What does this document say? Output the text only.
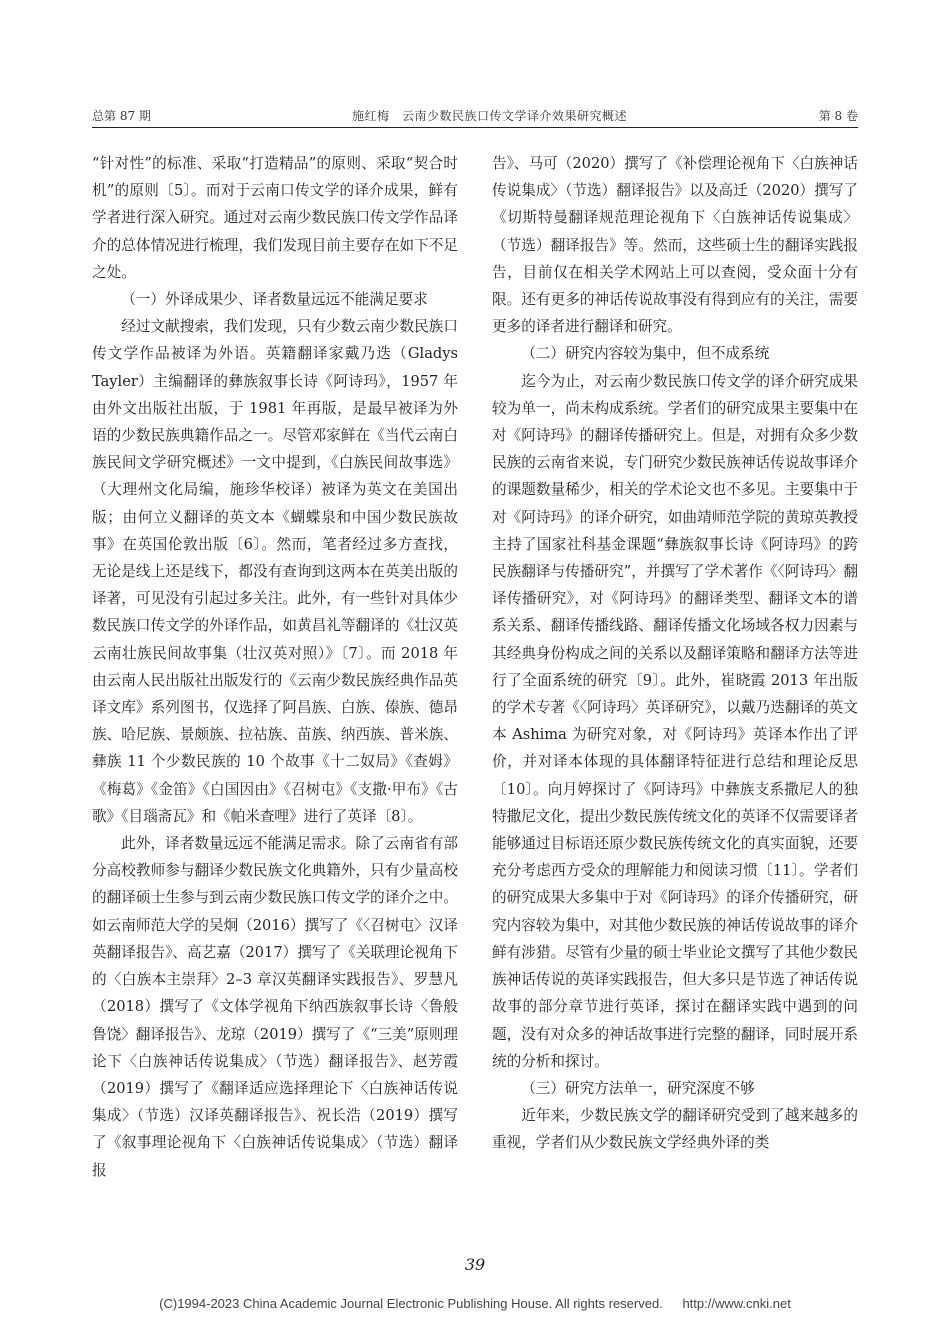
总第 87 期	施红梅　云南少数民族口传文学译介效果研究概述	第 8 卷

“针对性”的标准、采取“打造精品”的原则、采取“契合时机”的原则〔5〕。而对于云南口传文学的译介成果，鲜有学者进行深入研究。通过对云南少数民族口传文学作品译介的总体情况进行梳理，我们发现目前主要存在如下不足之处。

（一）外译成果少、译者数量远远不能满足要求

经过文献搜索，我们发现，只有少数云南少数民族口传文学作品被译为外语。英籍翻译家戴乃迭（Gladys Tayler）主编翻译的彝族叙事长诗《阿诗玛》，1957 年由外文出版社出版，于 1981 年再版，是最早被译为外语的少数民族典籍作品之一。尽管邓家鲜在《当代云南白族民间文学研究概述》一文中提到，《白族民间故事选》（大理州文化局编，施珍华校译）被译为英文在美国出版；由何立义翻译的英文本《蝴蝶泉和中国少数民族故事》在英国伦敦出版〔6〕。然而，笔者经过多方查找，无论是线上还是线下，都没有查询到这两本在英美出版的译著，可见没有引起过多关注。此外，有一些针对具体少数民族口传文学的外译作品，如黄昌礼等翻译的《壮汉英云南壮族民间故事集（壮汉英对照）》〔7〕。而 2018 年由云南人民出版社出版发行的《云南少数民族经典作品英译文库》系列图书，仅选择了阿昌族、白族、傣族、德昂族、哈尼族、景颇族、拉祜族、苗族、纳西族、普米族、彝族 11 个少数民族的 10 个故事《十二奴局》《查姆》《梅葛》《金笛》《白国因由》《召树屯》《支撒·甲布》《古歌》《目瑙斋瓦》和《帕米查哩》进行了英译〔8〕。

此外，译者数量远远不能满足需求。除了云南省有部分高校教师参与翻译少数民族文化典籍外，只有少量高校的翻译硕士生参与到云南少数民族口传文学的译介之中。如云南师范大学的吴炯（2016）撰写了《〈召树屯〉汉译英翻译报告》、高艺嘉（2017）撰写了《关联理论视角下的〈白族本主崇拜〉2–3 章汉英翻译实践报告》、罗慧凡（2018）撰写了《文体学视角下纳西族叙事长诗〈鲁般鲁饶〉翻译报告》、龙琼（2019）撰写了《“三美”原则理论下〈白族神话传说集成〉（节选）翻译报告》、赵芳霞（2019）撰写了《翻译适应选择理论下〈白族神话传说集成〉（节选）汉译英翻译报告》、祝长浩（2019）撰写了《叙事理论视角下〈白族神话传说集成〉（节选）翻译报

告》、马可（2020）撰写了《补偿理论视角下〈白族神话传说集成〉（节选）翻译报告》以及高迁（2020）撰写了《切斯特曼翻译规范理论视角下〈白族神话传说集成〉（节选）翻译报告》等。然而，这些硕士生的翻译实践报告，目前仅在相关学术网站上可以查阅，受众面十分有限。还有更多的神话传说故事没有得到应有的关注，需要更多的译者进行翻译和研究。

（二）研究内容较为集中，但不成系统

迄今为止，对云南少数民族口传文学的译介研究成果较为单一，尚未构成系统。学者们的研究成果主要集中在对《阿诗玛》的翻译传播研究上。但是，对拥有众多少数民族的云南省来说，专门研究少数民族神话传说故事译介的课题数量稀少，相关的学术论文也不多见。主要集中于对《阿诗玛》的译介研究，如曲靖师范学院的黄琼英教授主持了国家社科基金课题“彝族叙事长诗《阿诗玛》的跨民族翻译与传播研究”，并撰写了学术著作《〈阿诗玛〉翻译传播研究》，对《阿诗玛》的翻译类型、翻译文本的谱系关系、翻译传播线路、翻译传播文化场域各权力因素与其经典身份构成之间的关系以及翻译策略和翻译方法等进行了全面系统的研究〔9〕。此外，崔晓霞 2013 年出版的学术专著《〈阿诗玛〉英译研究》，以戴乃迭翻译的英文本 Ashima 为研究对象，对《阿诗玛》英译本作出了评价，并对译本体现的具体翻译特征进行总结和理论反思〔10〕。向月婷探讨了《阿诗玛》中彝族支系撒尼人的独特撒尼文化，提出少数民族传统文化的英译不仅需要译者能够通过目标语还原少数民族传统文化的真实面貌，还要充分考虑西方受众的理解能力和阅读习惯〔11〕。学者们的研究成果大多集中于对《阿诗玛》的译介传播研究，研究内容较为集中，对其他少数民族的神话传说故事的译介鲜有涉猎。尽管有少量的硕士毕业论文撰写了其他少数民族神话传说的英译实践报告，但大多只是节选了神话传说故事的部分章节进行英译，探讨在翻译实践中遇到的问题，没有对众多的神话故事进行完整的翻译，同时展开系统的分析和探讨。

（三）研究方法单一，研究深度不够

近年来，少数民族文学的翻译研究受到了越来越多的重视，学者们从少数民族文学经典外译的类

39
(C)1994-2023 China Academic Journal Electronic Publishing House. All rights reserved. http://www.cnki.net
